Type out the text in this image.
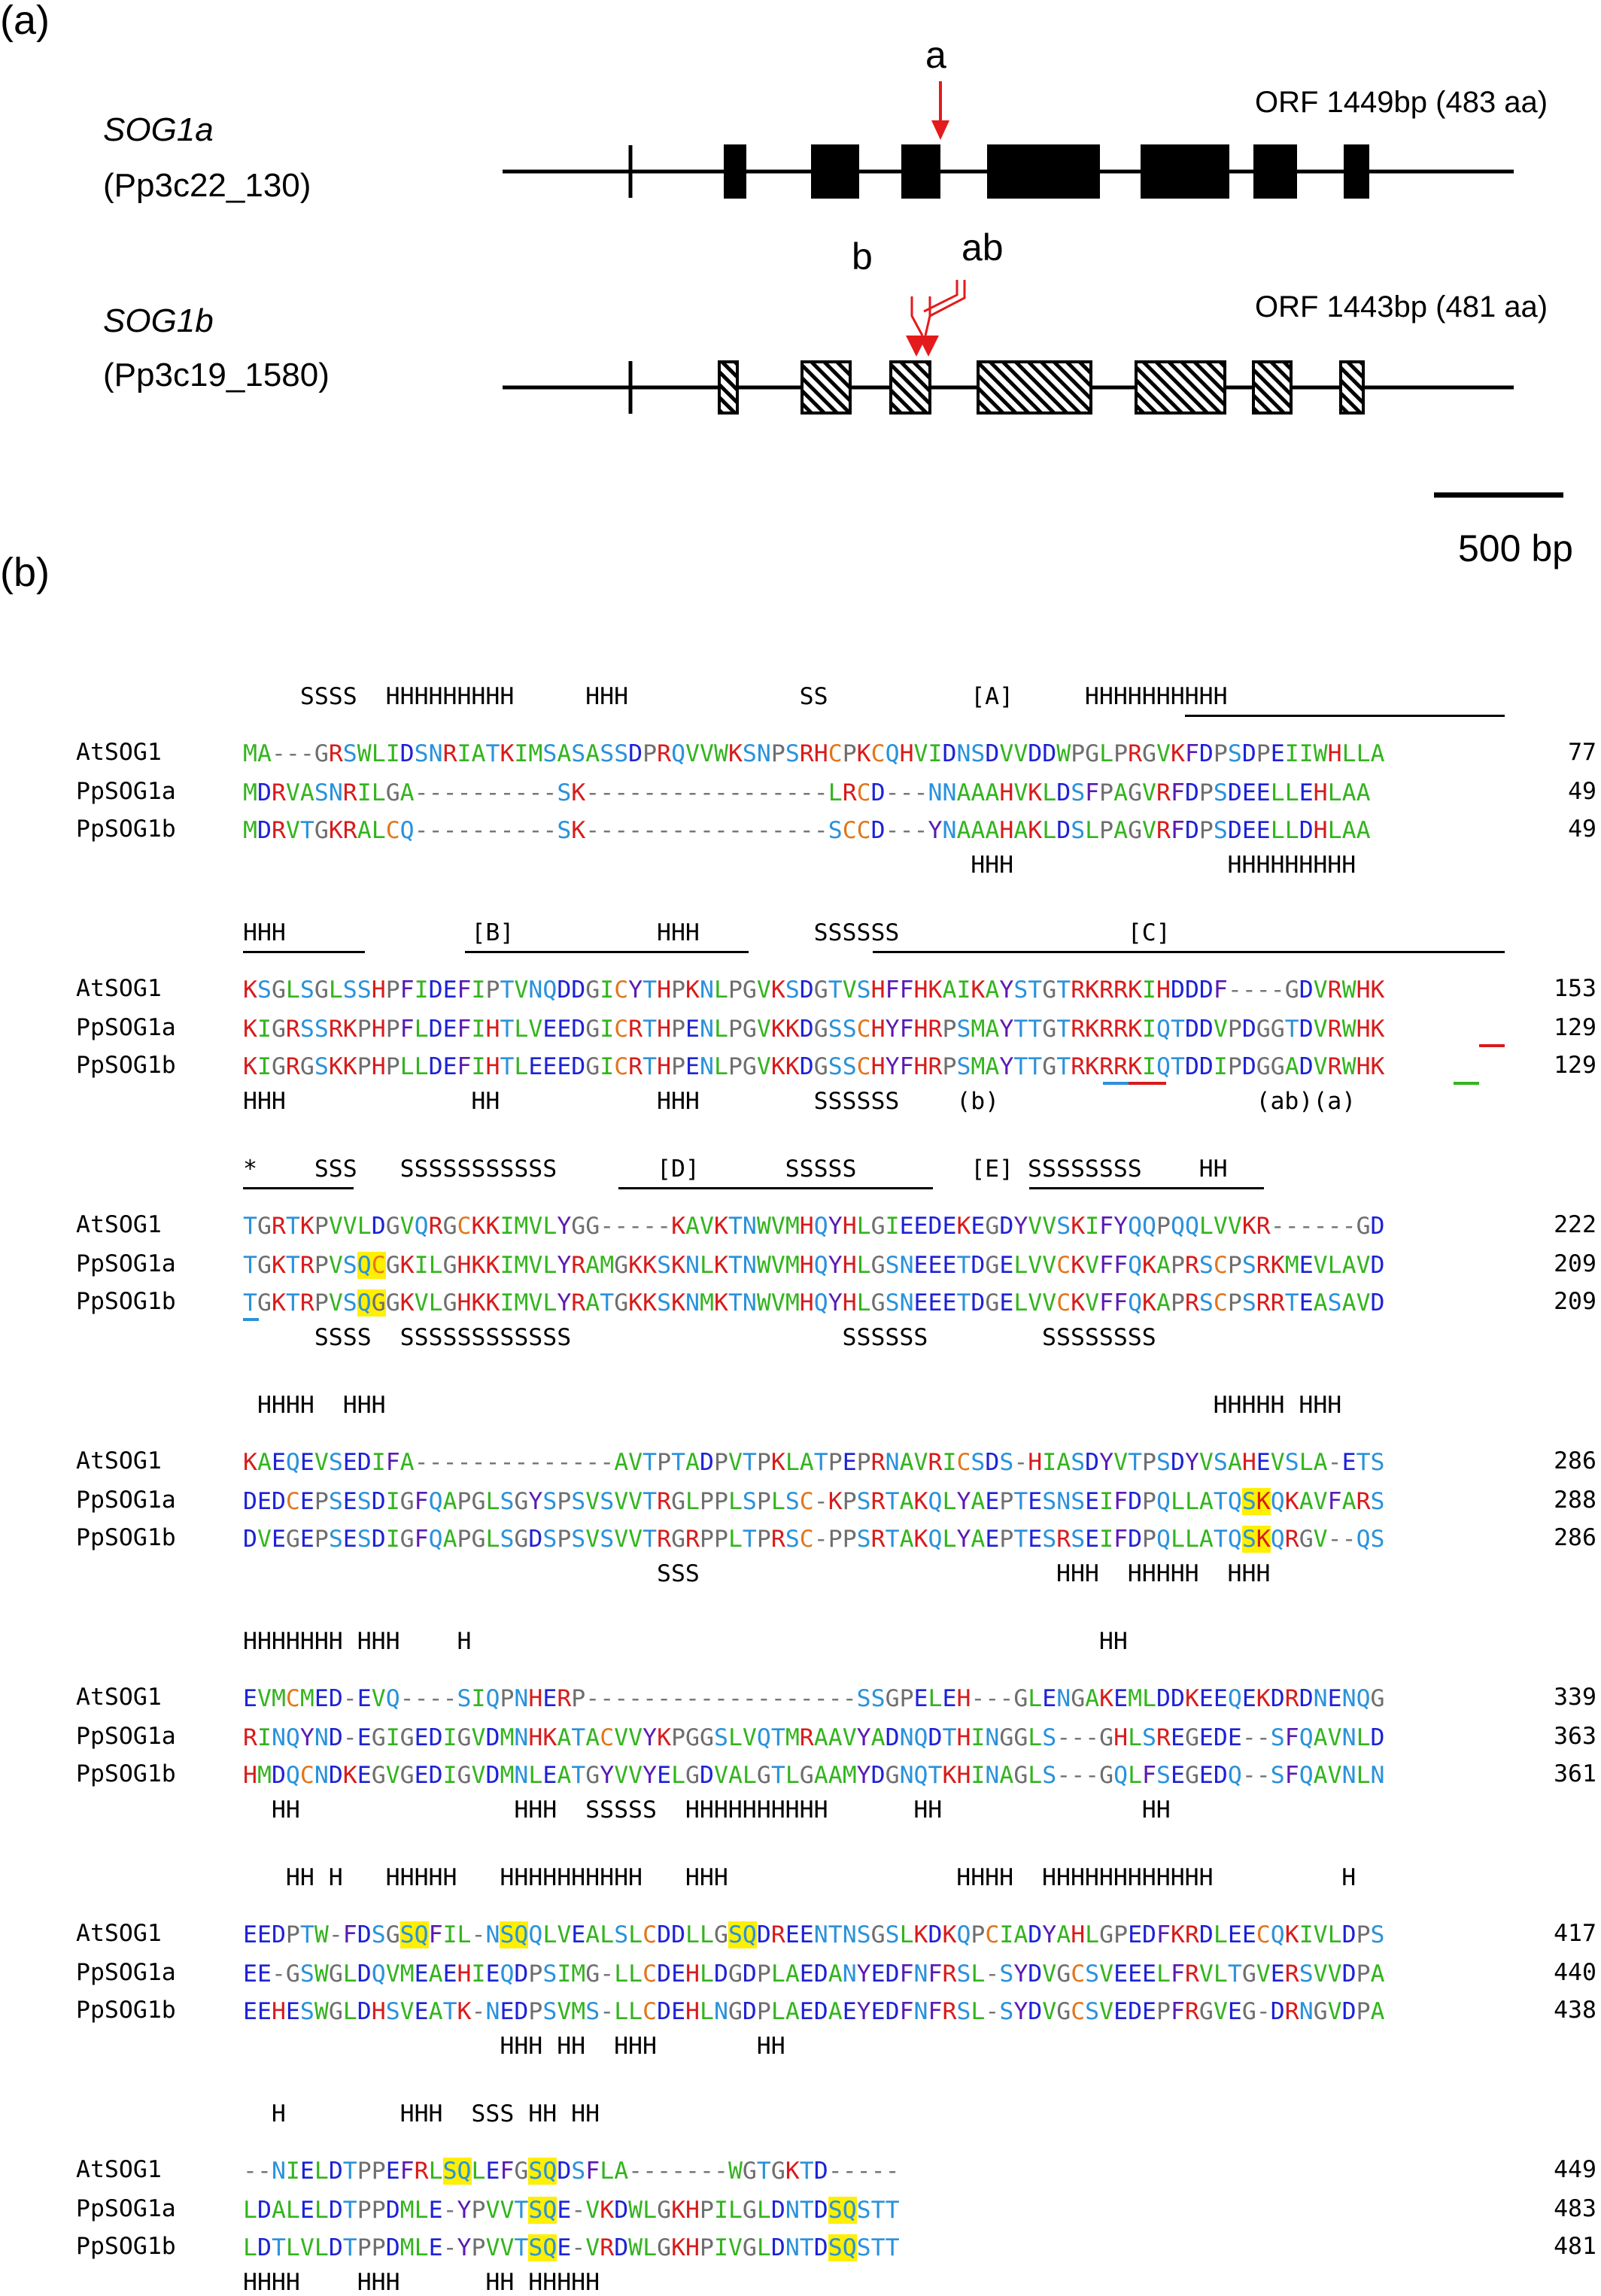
(a)
SOG1a
(Pp3c22_130)
ORF 1449bp (483 aa)
a
SOG1b
(Pp3c19_1580)
ORF 1443bp (481 aa)
b ab
500 bp
(b)
SSSS  HHHHHHHHH     HHH            SS          [A]     HHHHHHHHHH
AtSOG1	MA---GRSWLIDSNRIATKIMSASASSDPRQVVWKSNPSRHCPKCQHVIDNSDVVDDWPGLPRGVKFDPSDPEIIWHLLA	77
PpSOG1a	MDRVASNRILGA----------SK-----------------LRCD---NNAAAHVKLDSFPAGVRFDPSDEELLEHLAA	49
PpSOG1b	MDRVTGKRALCQ----------SK-----------------SCCD---YNAAAHAKLDSLPAGVRFDPSDEELLDHLAA	49
HHH               HHHHHHHHH
HHH             [B]          HHH        SSSSSS                [C]
AtSOG1	KSGLSGLSSHPFIDEFIPTVNQDDGICYTHPKNLPGVKSDGTVSHFFHKAIKAYSTGTRKRRKIHDDDF----GDVRWHK	153
PpSOG1a	KIGRSSRKPHPFLDEFIHTLVEEDGICRTHPENLPGVKKDGSSCHYFHRPSMAYTTGTRKRRKIQTDDVPDGGTDVRWHK	129
PpSOG1b	KIGRGSKKPHPLLDEFIHTLEEEDGICRTHPENLPGVKKDGSSCHYFHRPSMAYTTGTRKRRKIQTDDIPDGGADVRWHK	129
HHH             HH           HHH        SSSSSS    (b)                  (ab)(a)
*    SSS   SSSSSSSSSSS       [D]      SSSSS        [E] SSSSSSSS    HH
AtSOG1	TGRTKPVVLDGVQRGCKKIMVLYGG-----KAVKTNWVMHQYHLGIEEDEKEGDYVVSKIFYQQPQQLVVKR------GD	222
PpSOG1a	TGKTRPVSQCGKILGHKKIMVLYRAMGKKSKNLKTNWVMHQYHLGSNEEETDGELVVCKVFFQKAPRSCPSRKMEVLAVD	209
PpSOG1b	TGKTRPVSQGGKVLGHKKIMVLYRATGKKSKNMKTNWVMHQYHLGSNEEETDGELVVCKVFFQKAPRSCPSRRTEASAVD	209
SSSS  SSSSSSSSSSSS                   SSSSSS        SSSSSSSS
HHHH  HHH                                                          HHHHH HHH
AtSOG1	KAEQEVSEDIFA--------------AVTPTADPVTPKLATPEPRNAVRICSDS-HIASDYVTPSDYVSAHEVSLA-ETS	286
PpSOG1a	DEDCEPSESDIGFQAPGLSGYSPSVSVVTRGLPPLSPLSC-KPSRTAKQLYAEPTESNSEIFDPQLLATQSKQKAVFARS	288
PpSOG1b	DVEGEPSESDIGFQAPGLSGDSPSVSVVTRGRPPLTPRSC-PPSRTAKQLYAEPTESRSEIFDPQLLATQSKQRGV--QS	286
SSS                         HHH  HHHHH  HHH
HHHHHHH HHH    H                                            HH
AtSOG1	EVMCMED-EVQ----SIQPNHERP-------------------SSGPELEH---GLENGAKEMLDDKEEQEKDRDNENQG	339
PpSOG1a	RINQYND-EGIGEDIGVDMNHKATACVVYKPGGSLVQTMRAAVYADNQDTHINGGLS---GHLSREGEDE--SFQAVNLD	363
PpSOG1b	HMDQCNDKEGVGEDIGVDMNLEATGYVVYELGDVALGTLGAAMYDGNQTKHINAGLS---GQLFSEGEDQ--SFQAVNLN	361
HH               HHH  SSSSS  HHHHHHHHHH      HH              HH
HH H   HHHHH   HHHHHHHHHH   HHH                HHHH  HHHHHHHHHHHH         H
AtSOG1	EEDPTW-FDSGSQFIL-NSQQLVEALSLCDDLLGSQDREENTNSGSLKDKQPCIADYAHLGPEDFKRDLEECQKIVLDPS	417
PpSOG1a	EE-GSWGLDQVMEAEHIEQDPSIMG-LLCDEHLDGDPLAEDANYEDFNFRSL-SYDVGCSVEEELFRVLTGVERSVVDPA	440
PpSOG1b	EEHESWGLDHSVEATK-NEDPSVMS-LLCDEHLNGDPLAEDAEYEDFNFRSL-SYDVGCSVEDEPFRGVEG-DRNGVDPA	438
HHH HH  HHH       HH
H        HHH  SSS HH HH
AtSOG1	--NIELDTPPEFRLSQLEFGSQDSFLA-------WGTGKTD-----	449
PpSOG1a	LDALELDTPPDMLE-YPVVTSQE-VKDWLGKHPILGLDNTDSQSTT	483
PpSOG1b	LDTLVLDTPPDMLE-YPVVTSQE-VRDWLGKHPIVGLDNTDSQSTT	481
HHHH    HHH      HH HHHHH
